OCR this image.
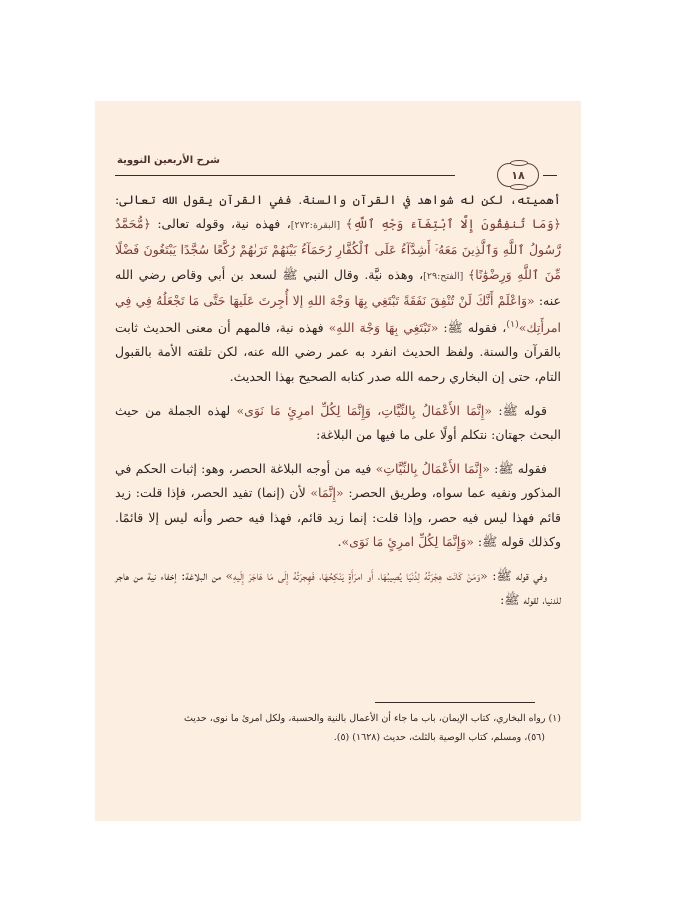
شرح الأربعين النووية
١٨

أهميته، لكن له شواهد في القرآن والسنة. ففي القرآن يقول الله تعالى: ﴿وَمَا تُنفِقُونَ إِلَّا ٱبْتِغَآءَ وَجْهِ ٱللَّهِ﴾ [البقرة:٢٧٢]، فهذه نية، وقوله تعالى: ﴿مُّحَمَّدٌ رَّسُولُ ٱللَّهِ وَٱلَّذِينَ مَعَهُۥٓ أَشِدَّآءُ عَلَى ٱلْكُفَّارِ رُحَمَآءُ بَيْنَهُمْ تَرَىٰهُمْ رُكَّعًا سُجَّدًا يَبْتَغُونَ فَضْلًا مِّنَ ٱللَّهِ وَرِضْوَٰنًا﴾ [الفتح:٢٩]، وهذه نيَّة. وقال النبي ﷺ لسعد بن أبي وقاص رضي الله عنه: «وَاعْلَمْ أَنَّكَ لَنْ تُنْفِقَ نَفَقَةً تَبْتَغِي بِهَا وَجْهَ اللهِ إلا أُجِرتَ عَلَيهَا حَتَّى مَا تَجْعَلُهُ فِي فِي امرأَتِك»$^{(١)}$، فقوله ﷺ: «تَبْتَغِي بِهَا وَجْهَ اللهِ» فهذه نية، فالمهم أن معنى الحديث ثابت بالقرآن والسنة. ولفظ الحديث انفرد به عمر رضي الله عنه، لكن تلقته الأمة بالقبول التام، حتى إن البخاري رحمه الله صدر كتابه الصحيح بهذا الحديث.

قوله ﷺ: «إِنَّمَا الأَعْمَالُ بِالنِّيَّاتِ، وَإِنَّمَا لِكُلِّ امرِئٍ مَا نَوَى» لهذه الجملة من حيث البحث جهتان: نتكلم أولًا على ما فيها من البلاغة:

فقوله ﷺ: «إِنَّمَا الأَعْمَالُ بِالنِّيَّاتِ» فيه من أوجه البلاغة الحصر، وهو: إثبات الحكم في المذكور ونفيه عما سواه، وطريق الحصر: «إِنَّمَا» لأن (إنما) تفيد الحصر، فإذا قلت: زيد قائم فهذا ليس فيه حصر، وإذا قلت: إنما زيد قائم، فهذا فيه حصر وأنه ليس إلا قائمًا. وكذلك قوله ﷺ: «وَإِنَّمَا لِكُلِّ امرِئٍ مَا نَوَى».

وفي قوله ﷺ: «وَمَنْ كَانَت هِجْرَتُهُ لِدُنْيَا يُصِيبُهَا، أَو امرَأَةٍ يَنْكِحُهَا، فَهِجرَتُهُ إِلَى مَا هَاجَرَ إِلَيهِ» من البلاغة: إخفاء نية من هاجر للدنيا، لقوله ﷺ:

(١) رواه البخاري، كتاب الإيمان، باب ما جاء أن الأعمال بالنية والحسبة، ولكل امرئ ما نوى، حديث
(٥٦)، ومسلم، كتاب الوصية بالثلث، حديث (١٦٢٨) (٥).
